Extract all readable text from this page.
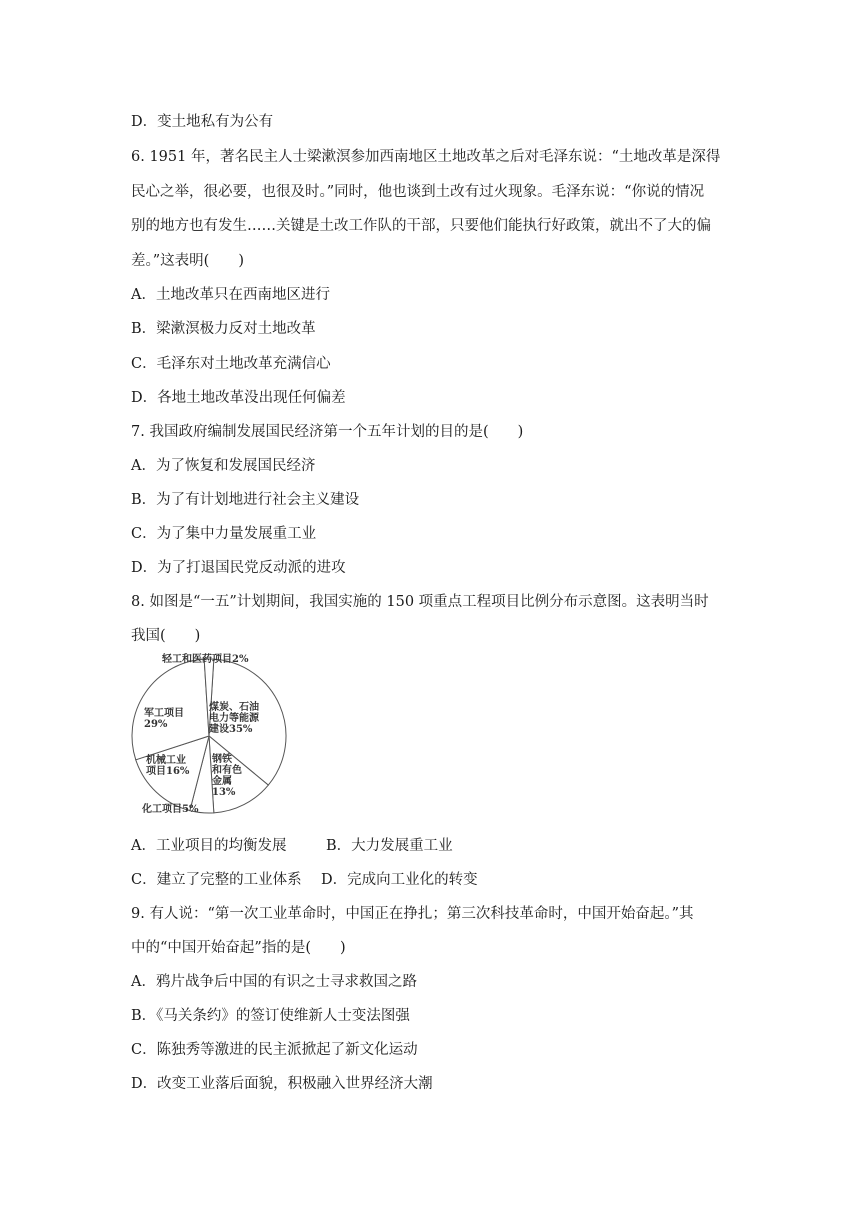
D．变土地私有为公有
6. 1951 年，著名民主人士梁漱溟参加西南地区土地改革之后对毛泽东说：“土地改革是深得
民心之举，很必要，也很及时。”同时，他也谈到土改有过火现象。毛泽东说：“你说的情况
别的地方也有发生……关键是土改工作队的干部，只要他们能执行好政策，就出不了大的偏
差。”这表明(　　)
A．土地改革只在西南地区进行
B．梁漱溟极力反对土地改革
C．毛泽东对土地改革充满信心
D．各地土地改革没出现任何偏差
7. 我国政府编制发展国民经济第一个五年计划的目的是(　　)
A．为了恢复和发展国民经济
B．为了有计划地进行社会主义建设
C．为了集中力量发展重工业
D．为了打退国民党反动派的进攻
8. 如图是“一五”计划期间，我国实施的 150 项重点工程项目比例分布示意图。这表明当时
我国(　　)
煤炭、石油电力等能源建设35%
钢铁和有色金属 13%
化工项目5%
机械工业项目16%
军工项目 29%
轻工和医药项目2%
A．工业项目的均衡发展	B．大力发展重工业
C．建立了完整的工业体系 D．完成向工业化的转变
9. 有人说：“第一次工业革命时，中国正在挣扎；第三次科技革命时，中国开始奋起。”其
中的“中国开始奋起”指的是(　　)
A．鸦片战争后中国的有识之士寻求救国之路
B．《马关条约》的签订使维新人士变法图强
C．陈独秀等激进的民主派掀起了新文化运动
D．改变工业落后面貌，积极融入世界经济大潮
